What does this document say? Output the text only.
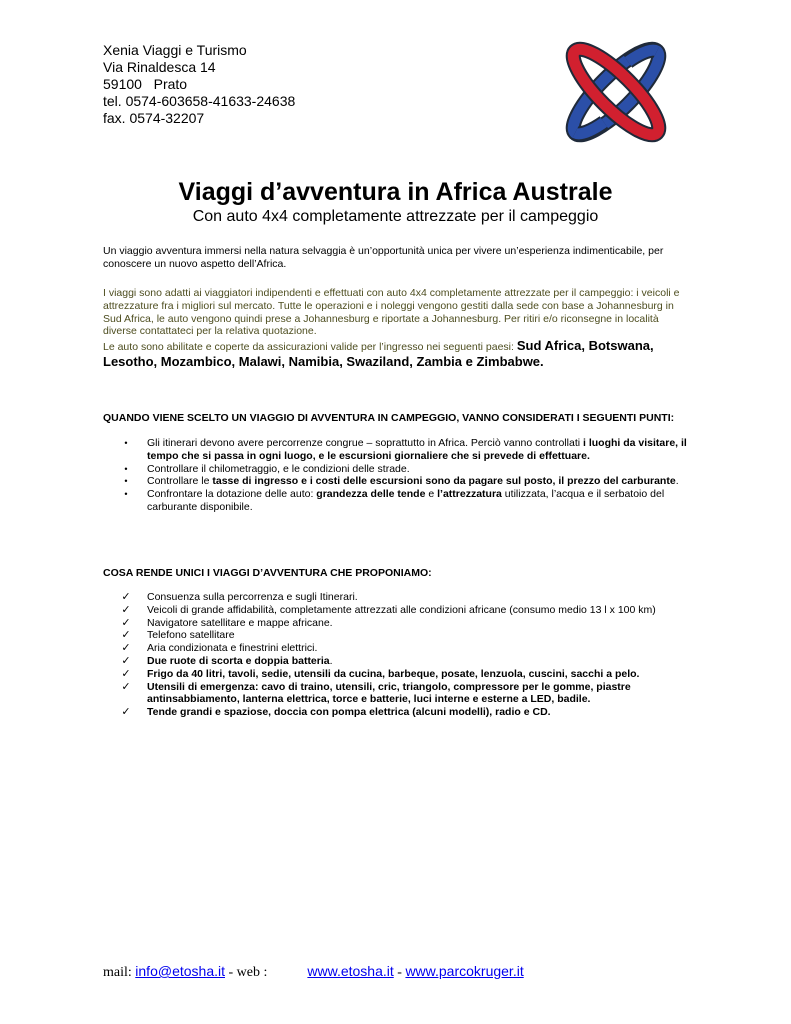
Xenia Viaggi e Turismo
Via Rinaldesca 14
59100   Prato
tel. 0574-603658-41633-24638
fax. 0574-32207
Viaggi d’avventura in Africa Australe
Con auto 4x4 completamente attrezzate per il campeggio
Un viaggio avventura immersi nella natura selvaggia è un’opportunità unica per vivere un’esperienza indimenticabile, per conoscere un nuovo aspetto dell’Africa.
I viaggi sono adatti ai viaggiatori indipendenti e effettuati con auto 4x4 completamente attrezzate per il campeggio: i veicoli e attrezzature fra i migliori sul mercato. Tutte le operazioni e i noleggi vengono gestiti dalla sede con base a Johannesburg in Sud Africa, le auto vengono quindi prese a Johannesburg e riportate a Johannesburg. Per ritiri e/o riconsegne in località diverse contattateci per la relativa quotazione.
Le auto sono abilitate e coperte da assicurazioni valide per l’ingresso nei seguenti paesi: Sud Africa, Botswana, Lesotho, Mozambico, Malawi, Namibia, Swaziland, Zambia e Zimbabwe.
QUANDO VIENE SCELTO UN VIAGGIO DI AVVENTURA IN CAMPEGGIO, VANNO CONSIDERATI I SEGUENTI PUNTI:
•	Gli itinerari devono avere percorrenze congrue – soprattutto in Africa. Perciò vanno controllati i luoghi da visitare, il tempo che si passa in ogni luogo, e le escursioni giornaliere che si prevede di effettuare.
•	Controllare il chilometraggio, e le condizioni delle strade.
•	Controllare le tasse di ingresso e i costi delle escursioni sono da pagare sul posto, il prezzo del carburante.
•	Confrontare la dotazione delle auto: grandezza delle tende e l’attrezzatura utilizzata, l’acqua e il serbatoio del carburante disponibile.
COSA RENDE UNICI I VIAGGI D’AVVENTURA CHE PROPONIAMO:
✓ Consuenza sulla percorrenza e sugli Itinerari.
✓ Veicoli di grande affidabilità, completamente attrezzati alle condizioni africane (consumo medio 13 l x 100 km)
✓ Navigatore satellitare e mappe africane.
✓ Telefono satellitare
✓ Aria condizionata e finestrini elettrici.
✓ Due ruote di scorta e doppia batteria.
✓ Frigo da 40 litri, tavoli, sedie, utensili da cucina, barbeque, posate, lenzuola, cuscini, sacchi a pelo.
✓ Utensili di emergenza: cavo di traino, utensili, cric, triangolo, compressore per le gomme, piastre antinsabbiamento, lanterna elettrica, torce e batterie, luci interne e esterne a LED, badile.
✓ Tende grandi e spaziose, doccia con pompa elettrica (alcuni modelli), radio e CD.
mail: info@etosha.it - web :	www.etosha.it - www.parcokruger.it
